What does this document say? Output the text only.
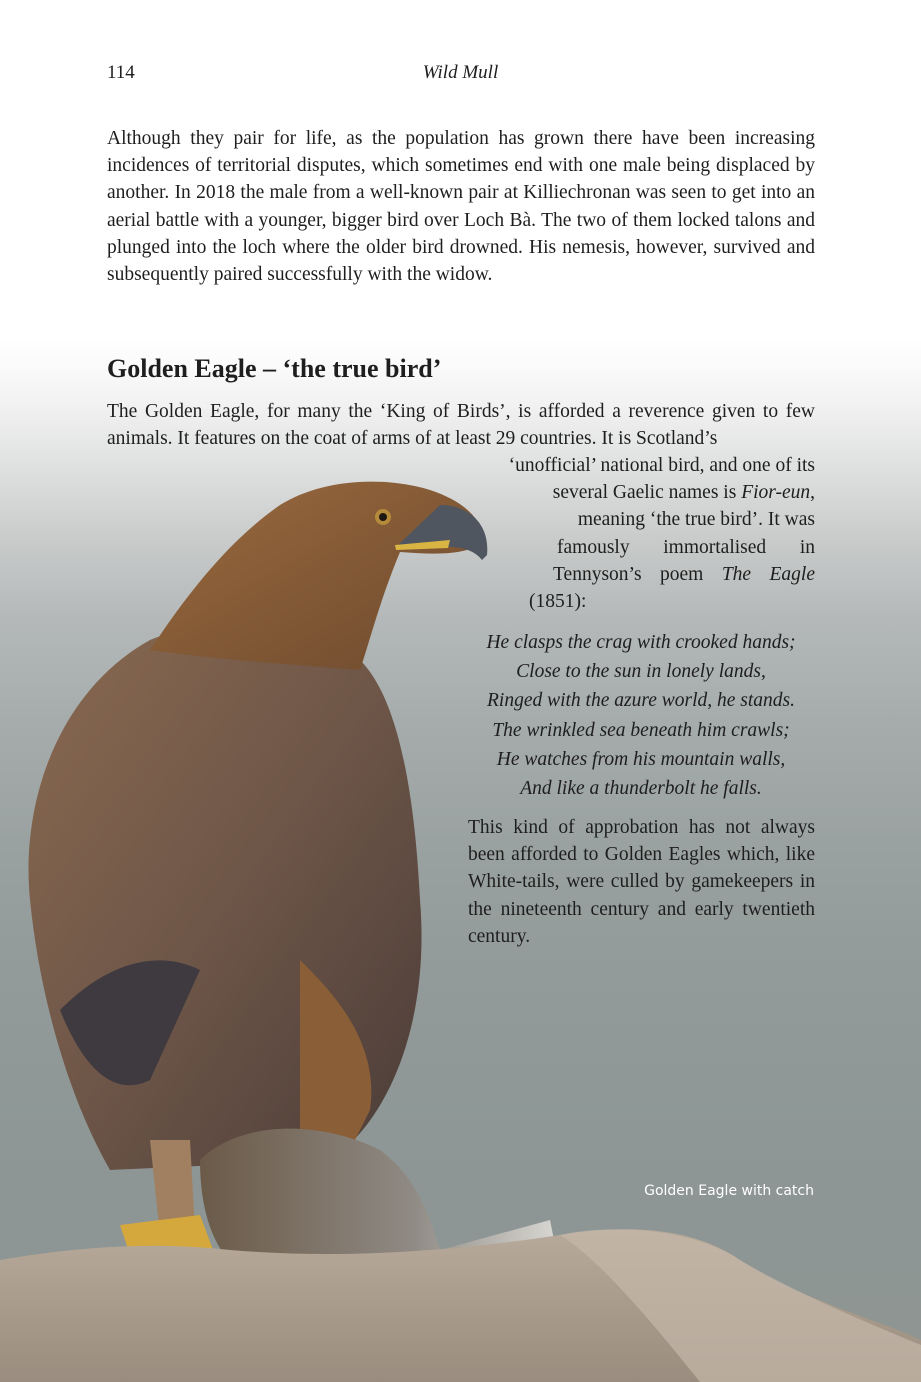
114	Wild Mull

Although they pair for life, as the population has grown there have been increasing incidences of territorial disputes, which sometimes end with one male being displaced by another. In 2018 the male from a well-known pair at Killiechronan was seen to get into an aerial battle with a younger, bigger bird over Loch Bà. The two of them locked talons and plunged into the loch where the older bird drowned. His nemesis, however, survived and subsequently paired successfully with the widow.

Golden Eagle – ‘the true bird’

The Golden Eagle, for many the ‘King of Birds’, is afforded a reverence given to few animals. It features on the coat of arms of at least 29 countries. It is Scotland’s

‘unofficial’ national bird, and one of its
several Gaelic names is Fior-eun,
meaning ‘the true bird’. It was
famously immortalised in
Tennyson’s poem The Eagle
(1851):
He clasps the crag with crooked hands;
Close to the sun in lonely lands,
Ringed with the azure world, he stands.
The wrinkled sea beneath him crawls;
He watches from his mountain walls,
And like a thunderbolt he falls.

This kind of approbation has not always been afforded to Golden Eagles which, like White-tails, were culled by gamekeepers in the nineteenth century and early twentieth century.

Golden Eagle with catch
